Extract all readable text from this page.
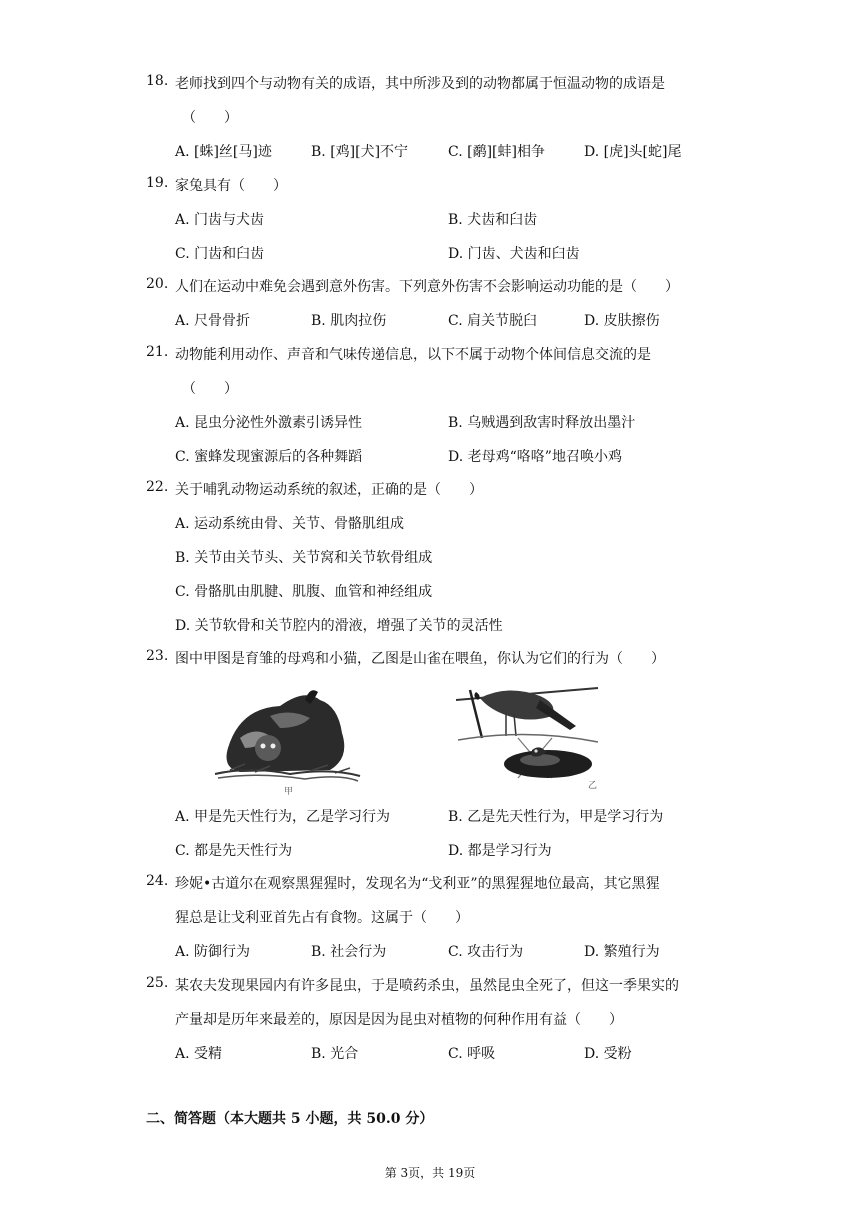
18. 老师找到四个与动物有关的成语，其中所涉及到的动物都属于恒温动物的成语是
（　　）
A. [蛛]丝[马]迹	B. [鸡][犬]不宁	C. [鹬][蚌]相争	D. [虎]头[蛇]尾
19. 家兔具有（　　）
A. 门齿与犬齿	B. 犬齿和臼齿
C. 门齿和臼齿	D. 门齿、犬齿和臼齿
20. 人们在运动中难免会遇到意外伤害。下列意外伤害不会影响运动功能的是（　　）
A. 尺骨骨折	B. 肌肉拉伤	C. 肩关节脱臼	D. 皮肤擦伤
21. 动物能利用动作、声音和气味传递信息，以下不属于动物个体间信息交流的是
（　　）
A. 昆虫分泌性外激素引诱异性	B. 乌贼遇到敌害时释放出墨汁
C. 蜜蜂发现蜜源后的各种舞蹈	D. 老母鸡“咯咯”地召唤小鸡
22. 关于哺乳动物运动系统的叙述，正确的是（　　）
A. 运动系统由骨、关节、骨骼肌组成
B. 关节由关节头、关节窝和关节软骨组成
C. 骨骼肌由肌腱、肌腹、血管和神经组成
D. 关节软骨和关节腔内的滑液，增强了关节的灵活性
23. 图中甲图是育雏的母鸡和小猫，乙图是山雀在喂鱼，你认为它们的行为（　　）
甲
乙
A. 甲是先天性行为，乙是学习行为	B. 乙是先天性行为，甲是学习行为
C. 都是先天性行为	D. 都是学习行为
24. 珍妮•古道尔在观察黑猩猩时，发现名为“戈利亚”的黑猩猩地位最高，其它黑猩
猩总是让戈利亚首先占有食物。这属于（　　）
A. 防御行为	B. 社会行为	C. 攻击行为	D. 繁殖行为
25. 某农夫发现果园内有许多昆虫，于是喷药杀虫，虽然昆虫全死了，但这一季果实的
产量却是历年来最差的，原因是因为昆虫对植物的何种作用有益（　　）
A. 受精	B. 光合	C. 呼吸	D. 受粉
二、简答题（本大题共 5 小题，共 50.0 分）
第 3页，共 19页
